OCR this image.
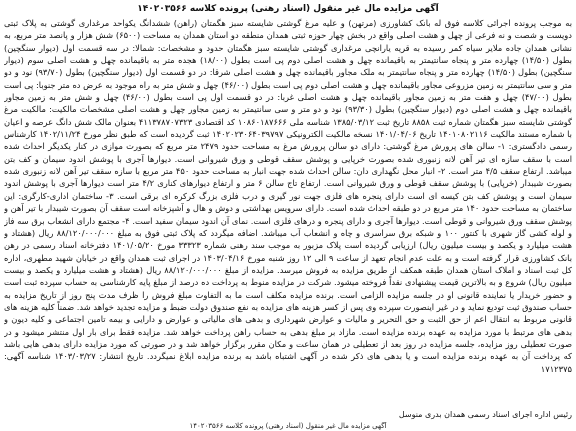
آگهی مزایده مال غیر منقول (اسناد رهنی) پرونده کلاسه ۱۴۰۲۰۳۵۶۶
به موجب پرونده اجرائی کلاسه فوق له بانک کشاورزی (مرتهن) و علیه مرغ گوشتی شایسته سبز هگمتان (راهن) ششدانگ یکواحد مرغداری گوشتی به پلاک ثبتی دویست و شصت و نه فرعی از چهل و هشت اصلی واقع در بخش چهار حوزه ثبتی همدان منطقه دو استان همدان به مساحت (۶۵۰۰) شش هزار و پانصد متر مربع، به نشانی همدان جاده ملایر سیاه کمر رسیده به قریه یارانچی مرغداری گوشتی شایسته سبز هگمتان حدود و مشخصات: شمالا: در سه قسمت اول (دیوار سنگچین) بطول (۱۴/۵۰) چهارده متر و پنجاه سانتیمتر به باقیمانده چهل و هشت اصلی دوم پی است بطول (۱۸/۰۰) هجده متر به باقیمانده چهل و هشت اصلی سوم (دیوار سنگچین) بطول (۱۴/۵۰) چهارده متر و پنجاه سانتیمتر به ملک مجاور باقیمانده چهل و هشت اصلی شرقا: در دو قسمت اول (دیوار سنگچین) بطول (۹۳/۷۰) نود و دو متر و سی سانتیمتر به زمین مزروعی مجاور باقیمانده چهل و هشت اصلی دوم پی است بطول (۴۶/۰۰) چهل و شش متر به راه موجود به عرض ده متر جنوبا: پی است بطول (۴۷/۰۰) چهل و هفت متر به زمین مجاور باقیمانده چهل و هشت اصلی غربا: در دو قسمت اول پی است بطول (۴۶/۰۰) چهل و شش متر به زمین مجاور باقیمانده چهل و هشت اصلی دوم (دیوار سنگچین) بطول (۹۳/۳۰) نود و دو متر و سی سانتیمتر به زمین مجاور چهل و هشت اصلی مشخصات مالکیت: مالکیت مرغ گوشتی شایسته سبز هگمتان شماره ثبت ۸۸۵۸ تاریخ ثبت ۱۳۸۵/۰۳/۱۲ شناسه ملی ۱۰۸۶۰۱۸۷۶۶۶ کد اقتصادی ۴۱۱۳۷۸۷۰۷۳۲۳ بعنوان مالک شش دانگ عرصه و اعیان با شماره مستند مالکیت ۱۴۰۱۰۸۰۲۱۱۶ تاریخ ۱۴۰۱/۰۴/۰۶ نسخه مالکیت الکترونیکی ۱۴۰۲۰۲۳۰۶۴۰۳۹۷۹۷ ثبت گردیده است که طبق نظر مورخ ۱۴۰۲/۱۱/۲۴ کارشناس رسمی دادگستری: ۱- سالن های پرورش مرغ گوشتی: دارای دو سالن پرورش مرغ به مساحت حدود ۲۴۷۹ متر مربع که بصورت موازی در کنار یکدیگر احداث شده است با سقف سازه ای تیر آهن لانه زنبوری شده بصورت خرپایی و پوشش سقف قوطی و ورق شیروانی است. دیوارها آجری با پوشش اندود سیمان و کف بتن میباشد. ارتفاع سقف ۴/۵ متر است. ۲- انبار محل نگهداری دان: سالن احداث شده جهت انبار به مساحت حدود ۴۵۰ متر مربع با سازه سقف تیر آهن لانه زنبوری شده بصورت شیبدار (خرپایی) با پوشش سقف قوطی و ورق شیروانی است. ارتفاع تاج سالن ۶ متر و ارتفاع دیوارهای کناری ۴/۲ متر است دیوارها آجری با پوشش اندود سیمان است و پوشش کف بتن کیسه ای است دارای پنجره های فلزی جهت نور گیری و درب فلزی بزرگ کرکره ای برقی است. ۳- ساختمان اداری-کارگری: این ساختمان به مساحت حدود ۱۴۰ متر مربع در دو طبقه احداث شده است. دارای سرویس بهداشتی و دوش و هال و آشپزخانه است سقف آن بصورت شیبدار با تیر آهن و پوشش سقف ورق شیروانی و قوطی است. دیوارها آجری و دارای پنجره و درهای فلزی است. نمای آن اندود سیمان سفید است. ۴- مجتمع دارای انشعاب برق سه فاز و لوله کشی گاز شهری با کنتور ۱۰۰ و شبکه برق سراسری و چاه و انشعاب آب میباشد. اضافه میگردد که پلاک ثبتی فوق به مبلغ ۸۸/۱۲۰/۰۰۰/۰۰۰ ریال (هشتاد و هشت میلیارد و یکصد و بیست میلیون ریال) ارزیابی گردیده است پلاک مزبور به موجب سند رهنی شماره ۳۳۳۲۳ مورخ ۱۴۰۱/۰۵/۲۰ دفترخانه اسناد رسمی در رهن بانک کشاورزی قرار گرفته است و به علت عدم انجام تعهد از ساعت ۹ الی ۱۲ روز شنبه مورخ ۱۴۰۳/۰۴/۱۶ در اجرای ثبت همدان واقع در خیابان شهید مطهری، اداره کل ثبت اسناد و املاک استان همدان طبقه همکف از طریق مزایده به فروش میرسد. مزایده از مبلغ ۸۸/۱۲۰/۰۰۰/۰۰۰ ریال (هشتاد و هشت میلیارد و یکصد و بیست میلیون ریال) شروع و به بالاترین قیمت پیشنهادی نقداً فروخته میشود. شرکت در مزایده منوط به پرداخت ده درصد از مبلغ پایه کارشناسی به حساب سپرده ثبت است و حضور خریدار یا نماینده قانونی او در جلسه مزایده الزامی است. برنده مزایده مکلف است ما به التفاوت مبلغ فروش را ظرف مدت پنج روز از تاریخ مزایده به حساب صندوق ثبت تودیع نماید و در غیر اینصورت سپرده وی پس از کسر هزینه های مزایده به نفع صندوق دولت ضبط و مزایده تجدید خواهد شد. ضمناً کلیه هزینه های قانونی مربوط به انتقال اعم از حق الثبت و حق التحریر و مالیات و عوارض شهرداری و بدهی های مالیاتی و عوارض و دارایی و بیمه تامین اجتماعی و کلیه دیون و بدهی های مرتبط با مورد مزایده به عهده برنده مزایده است. مازاد بر مبلغ بدهی به حساب راهن پرداخت خواهد شد. مزایده فقط برای بار اول منتشر میشود و در صورت تعطیلی روز مزایده، جلسه مزایده در روز بعد از تعطیلی در همان ساعت و مکان مقرر برگزار خواهد شد و در صورتی که مورد مزایده دارای بدهی هایی باشد که پرداخت آن به عهده برنده مزایده است و یا بدهی های ذکر شده در آگهی اشتباه باشد به برنده مزایده ابلاغ نمیگردد. تاریخ انتشار: ۱۴۰۳/۰۳/۲۷ شناسه آگهی: ۱۷۱۲۳۷۵
رئیس اداره اجرای اسناد رسمی همدان بدری منوسل
آگهی مزایده مال غیر منقول (اسناد رهنی) پرونده کلاسه ۱۴۰۲۰۳۵۶۶
